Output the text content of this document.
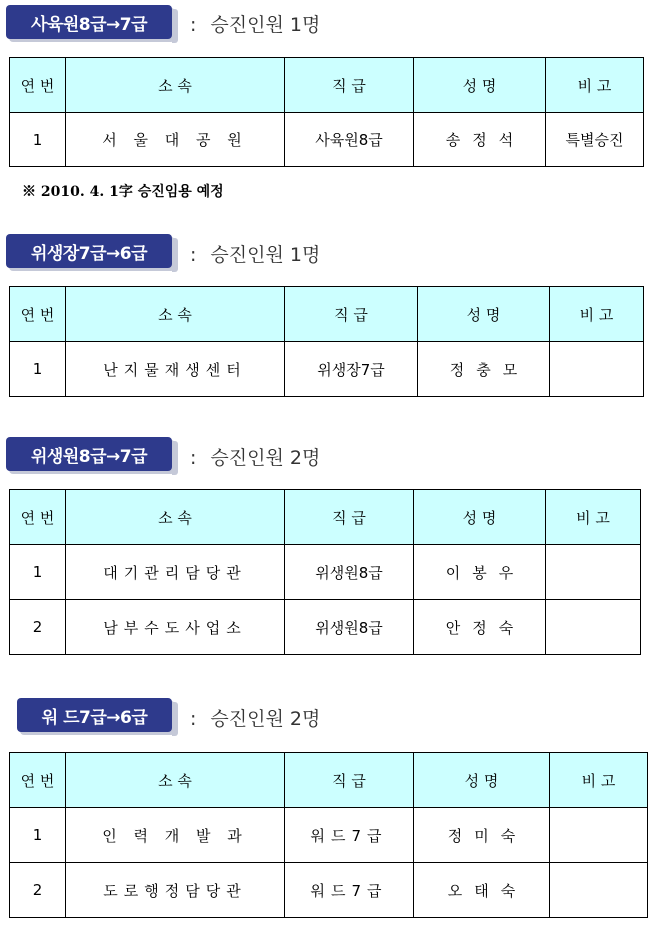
사육원8급→7급 : 승진인원 1명
연 번	소 속	직 급	성 명	비 고
1	서 울 대 공 원	사육원8급	송정석	특별승진
※ 2010. 4. 1字 승진임용 예정
위생장7급→6급 : 승진인원 1명
연 번	소 속	직 급	성 명	비 고
1	난지물재생센터	위생장7급	정충모	
위생원8급→7급 : 승진인원 2명
연 번	소 속	직 급	성 명	비 고
1	대기관리담당관	위생원8급	이봉우	
2	남부수도사업소	위생원8급	안정숙	
워 드7급→6급 : 승진인원 2명
연 번	소 속	직 급	성 명	비 고
1	인 력 개 발 과	워드7급	정미숙	
2	도로행정담당관	워드7급	오태숙	
